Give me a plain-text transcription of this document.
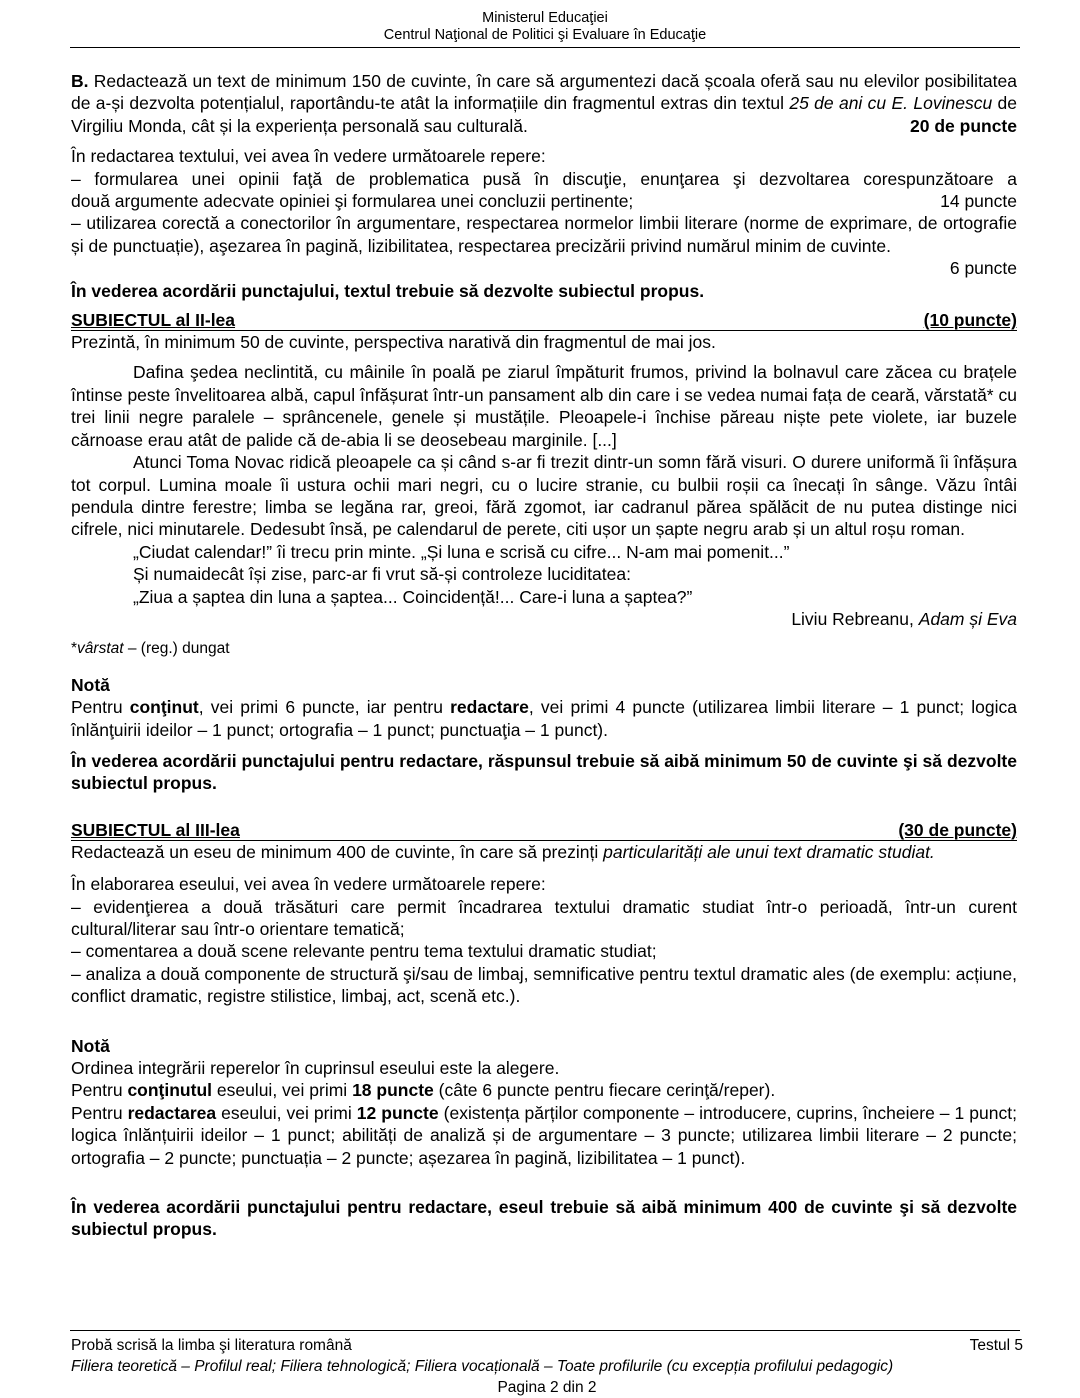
Ministerul Educaţiei
Centrul Naţional de Politici şi Evaluare în Educaţie

B. Redactează un text de minimum 150 de cuvinte, în care să argumentezi dacă școala oferă sau nu elevilor posibilitatea de a-și dezvolta potențialul, raportându-te atât la informațiile din fragmentul extras din textul 25 de ani cu E. Lovinescu de Virgiliu Monda, cât și la experiența personală sau culturală.	20 de puncte

În redactarea textului, vei avea în vedere următoarele repere:

– formularea unei opinii faţă de problematica pusă în discuţie, enunţarea şi dezvoltarea corespunzătoare a

două argumente adecvate opiniei şi formularea unei concluzii pertinente;	14 puncte

– utilizarea corectă a conectorilor în argumentare, respectarea normelor limbii literare (norme de exprimare, de ortografie și de punctuație), aşezarea în pagină, lizibilitatea, respectarea precizării privind numărul minim de cuvinte.

6 puncte

În vederea acordării punctajului, textul trebuie să dezvolte subiectul propus.

SUBIECTUL al II-lea	(10 puncte)

Prezintă, în minimum 50 de cuvinte, perspectiva narativă din fragmentul de mai jos.

Dafina şedea neclintită, cu mâinile în poală pe ziarul împăturit frumos, privind la bolnavul care zăcea cu brațele întinse peste învelitoarea albă, capul înfășurat într-un pansament alb din care i se vedea numai fața de ceară, vărstată* cu trei linii negre paralele – sprâncenele, genele și mustățile. Pleoapele-i închise păreau niște pete violete, iar buzele cărnoase erau atât de palide că de-abia li se deosebeau marginile. [...]

Atunci Toma Novac ridică pleoapele ca și când s-ar fi trezit dintr-un somn fără visuri. O durere uniformă îi înfășura tot corpul. Lumina moale îi ustura ochii mari negri, cu o lucire stranie, cu bulbii roșii ca înecați în sânge. Văzu întâi pendula dintre ferestre; limba se legăna rar, greoi, fără zgomot, iar cadranul părea spălăcit de nu putea distinge nici cifrele, nici minutarele. Dedesubt însă, pe calendarul de perete, citi ușor un șapte negru arab și un altul roșu roman.

„Ciudat calendar!” îi trecu prin minte. „Și luna e scrisă cu cifre... N-am mai pomenit...”

Și numaidecât își zise, parc-ar fi vrut să-și controleze luciditatea:

„Ziua a șaptea din luna a șaptea... Coincidență!... Care-i luna a șaptea?”

Liviu Rebreanu, Adam și Eva

*vârstat – (reg.) dungat

Notă

Pentru conţinut, vei primi 6 puncte, iar pentru redactare, vei primi 4 puncte (utilizarea limbii literare – 1 punct; logica înlănţuirii ideilor – 1 punct; ortografia – 1 punct; punctuaţia – 1 punct).

În vederea acordării punctajului pentru redactare, răspunsul trebuie să aibă minimum 50 de cuvinte şi să dezvolte subiectul propus.

SUBIECTUL al III-lea	(30 de puncte)

Redactează un eseu de minimum 400 de cuvinte, în care să prezinți particularități ale unui text dramatic studiat.

În elaborarea eseului, vei avea în vedere următoarele repere:

– evidenţierea a două trăsături care permit încadrarea textului dramatic studiat într-o perioadă, într-un curent cultural/literar sau într-o orientare tematică;

– comentarea a două scene relevante pentru tema textului dramatic studiat;

– analiza a două componente de structură şi/sau de limbaj, semnificative pentru textul dramatic ales (de exemplu: acțiune, conflict dramatic, registre stilistice, limbaj, act, scenă etc.).

Notă

Ordinea integrării reperelor în cuprinsul eseului este la alegere.

Pentru conţinutul eseului, vei primi 18 puncte (câte 6 puncte pentru fiecare cerinţă/reper).

Pentru redactarea eseului, vei primi 12 puncte (existența părților componente – introducere, cuprins, încheiere – 1 punct; logica înlănțuirii ideilor – 1 punct; abilități de analiză și de argumentare – 3 puncte; utilizarea limbii literare – 2 puncte; ortografia – 2 puncte; punctuația – 2 puncte; așezarea în pagină, lizibilitatea – 1 punct).

În vederea acordării punctajului pentru redactare, eseul trebuie să aibă minimum 400 de cuvinte şi să dezvolte subiectul propus.

Probă scrisă la limba şi literatura română	Testul 5
Filiera teoretică – Profilul real; Filiera tehnologică; Filiera vocațională – Toate profilurile (cu excepția profilului pedagogic)
Pagina 2 din 2
